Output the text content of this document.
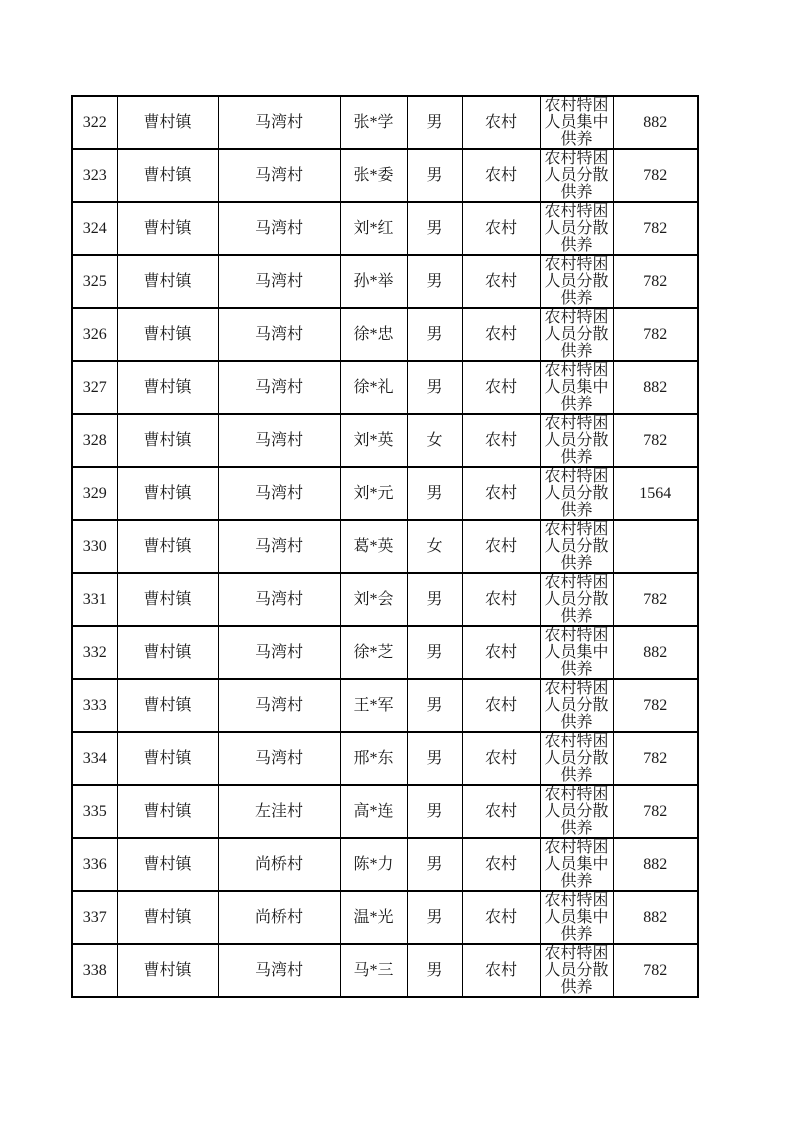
322	曹村镇	马湾村	张*学	男	农村	农村特困人员集中供养	882
323	曹村镇	马湾村	张*委	男	农村	农村特困人员分散供养	782
324	曹村镇	马湾村	刘*红	男	农村	农村特困人员分散供养	782
325	曹村镇	马湾村	孙*举	男	农村	农村特困人员分散供养	782
326	曹村镇	马湾村	徐*忠	男	农村	农村特困人员分散供养	782
327	曹村镇	马湾村	徐*礼	男	农村	农村特困人员集中供养	882
328	曹村镇	马湾村	刘*英	女	农村	农村特困人员分散供养	782
329	曹村镇	马湾村	刘*元	男	农村	农村特困人员分散供养	1564
330	曹村镇	马湾村	葛*英	女	农村	农村特困人员分散供养	
331	曹村镇	马湾村	刘*会	男	农村	农村特困人员分散供养	782
332	曹村镇	马湾村	徐*芝	男	农村	农村特困人员集中供养	882
333	曹村镇	马湾村	王*军	男	农村	农村特困人员分散供养	782
334	曹村镇	马湾村	邢*东	男	农村	农村特困人员分散供养	782
335	曹村镇	左洼村	高*连	男	农村	农村特困人员分散供养	782
336	曹村镇	尚桥村	陈*力	男	农村	农村特困人员集中供养	882
337	曹村镇	尚桥村	温*光	男	农村	农村特困人员集中供养	882
338	曹村镇	马湾村	马*三	男	农村	农村特困人员分散供养	782
